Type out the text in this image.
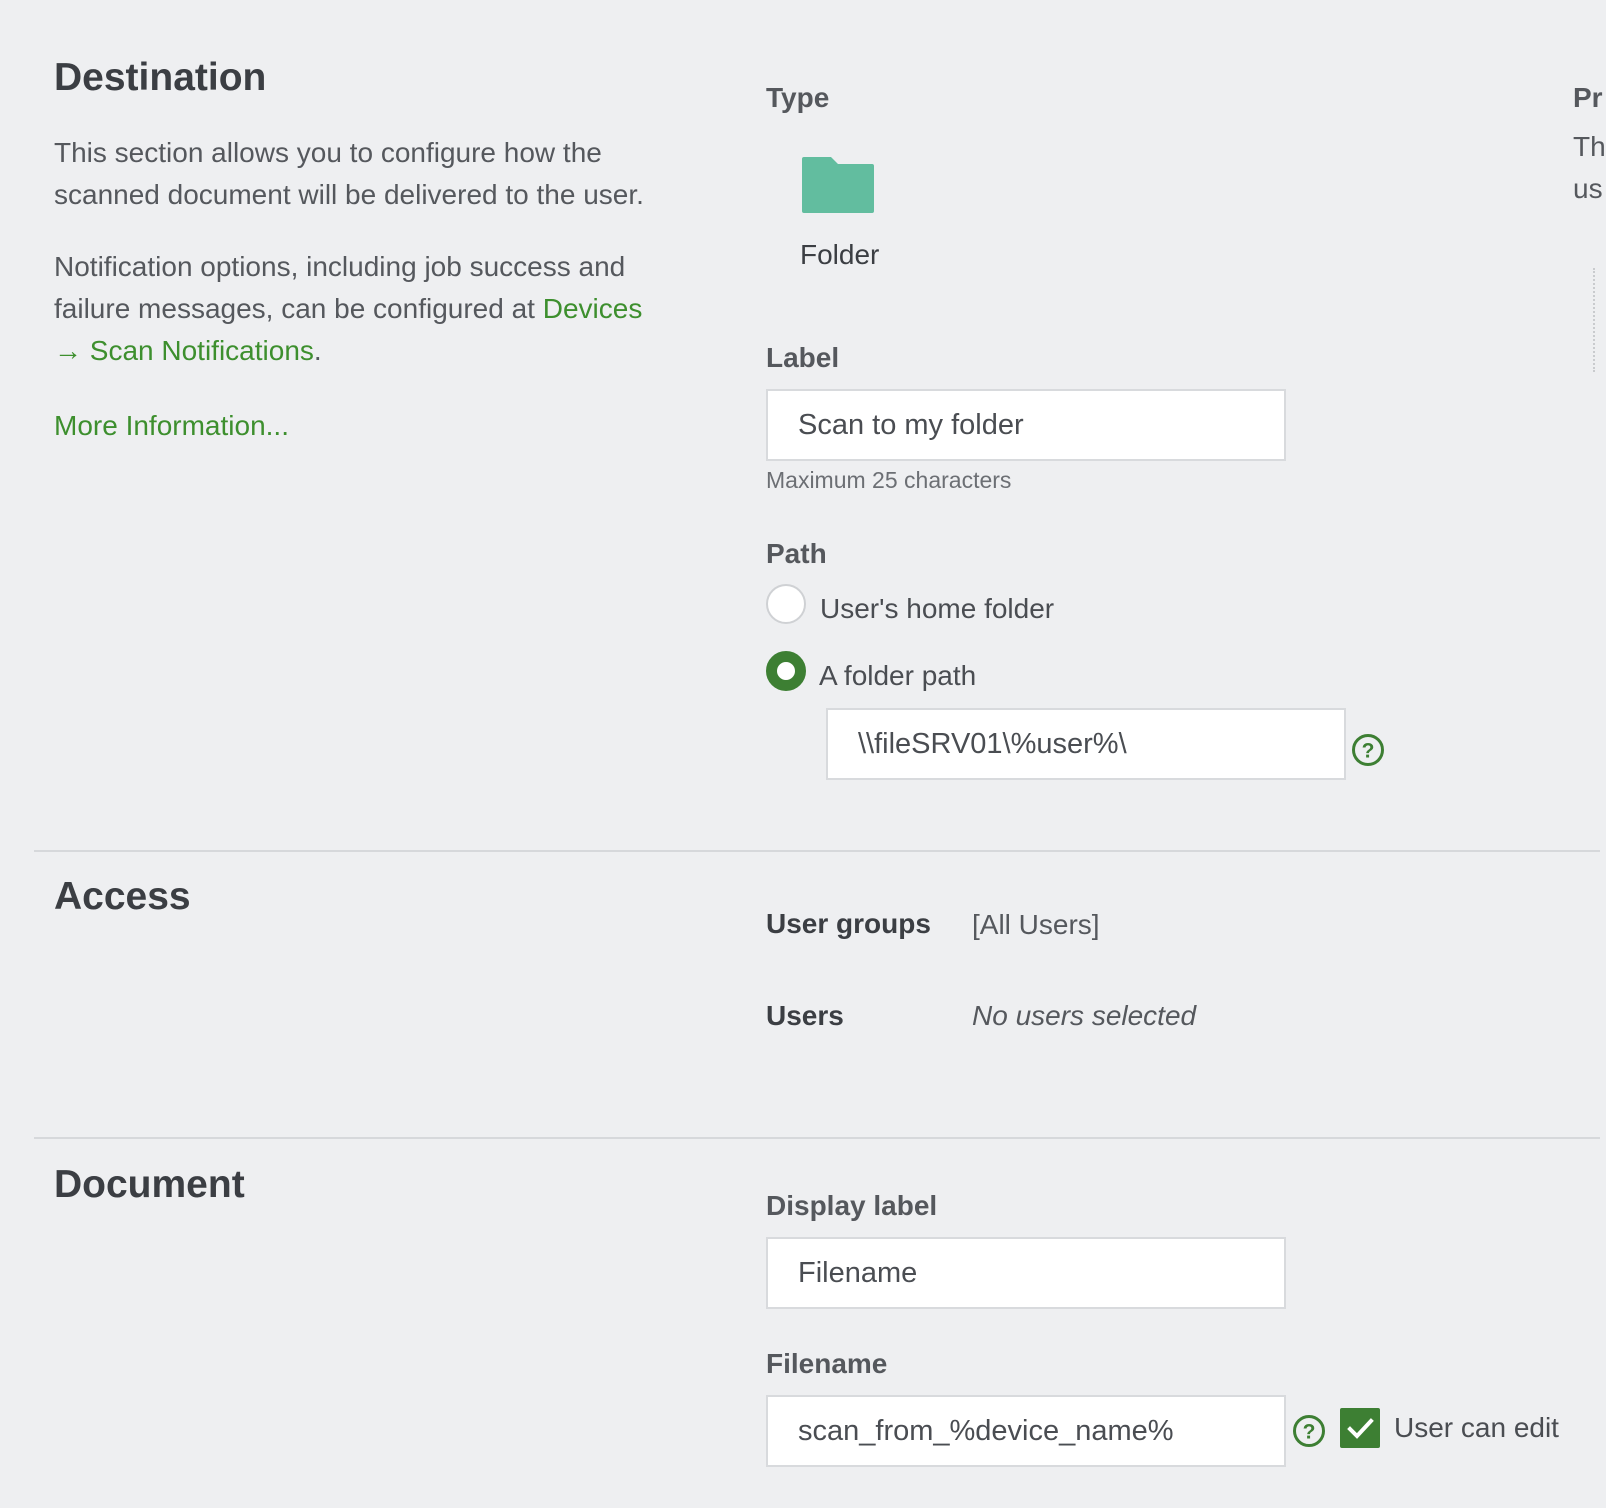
Destination

This section allows you to configure how the scanned document will be delivered to the user.

Notification options, including job success and failure messages, can be configured at Devices → Scan Notifications.

More Information...
Type
Folder
Label
Scan to my folder
Maximum 25 characters
Path
User's home folder
A folder path
\\fileSRV01\%user%\
?
Pr
Th
us
Access
User groups [All Users]
Users	No users selected
Document	Display label
Filename
Filename
scan_from_%device_name%
?	User can edit
